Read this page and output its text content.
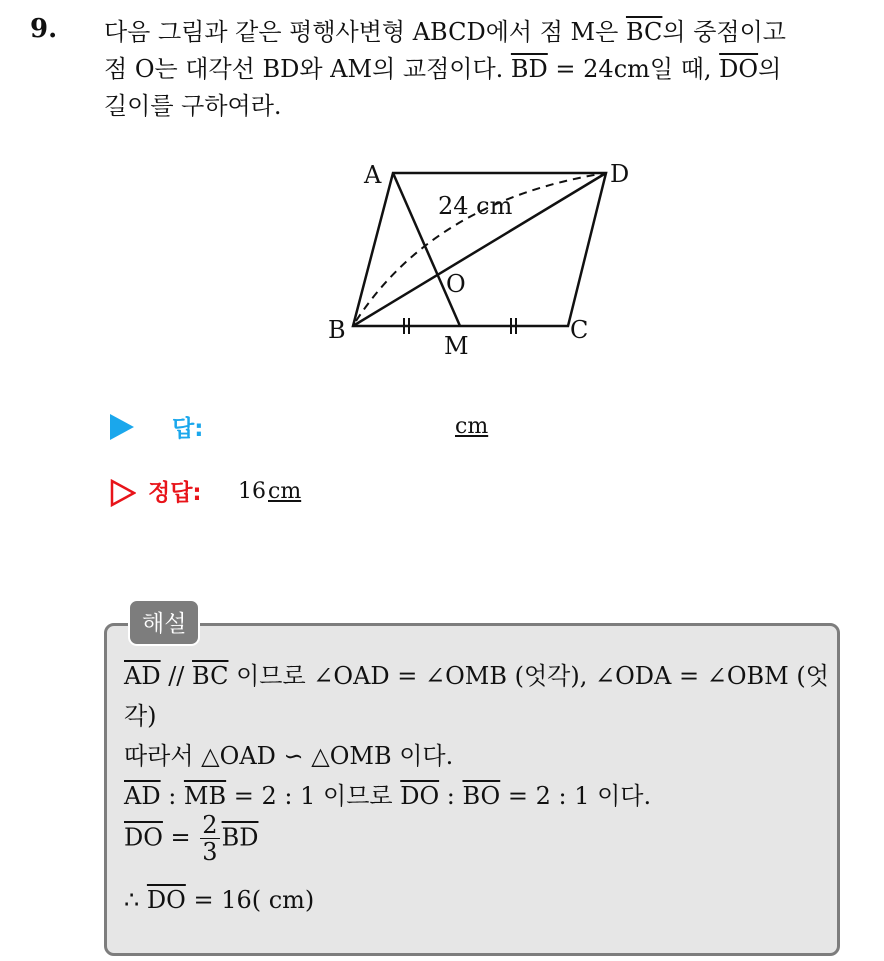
9. 다음 그림과 같은 평행사변형 ABCD에서 점 M은 $\overline{BC}$의 중점이고
점 O는 대각선 BD와 AM의 교점이다. $\overline{BD} = 24cm$일 때, $\overline{DO}$의
길이를 구하여라.
A	D
B	C
M
O
24 cm
답:	cm
정답: 16cm
해설
$\overline{AD} // \overline{BC}$ 이므로 ∠OAD = ∠OMB (엇각), ∠ODA = ∠OBM (엇
각)
따라서 △OAD ∽ △OMB 이다.
$\overline{AD}$ : $\overline{MB} = 2$ : 1 이므로 $\overline{DO}$ : $\overline{BO} = 2$ : 1 이다.
$\overline{DO} = \frac{2}{3} \overline{BD}$
∴ $\overline{DO} = 16$( cm)
